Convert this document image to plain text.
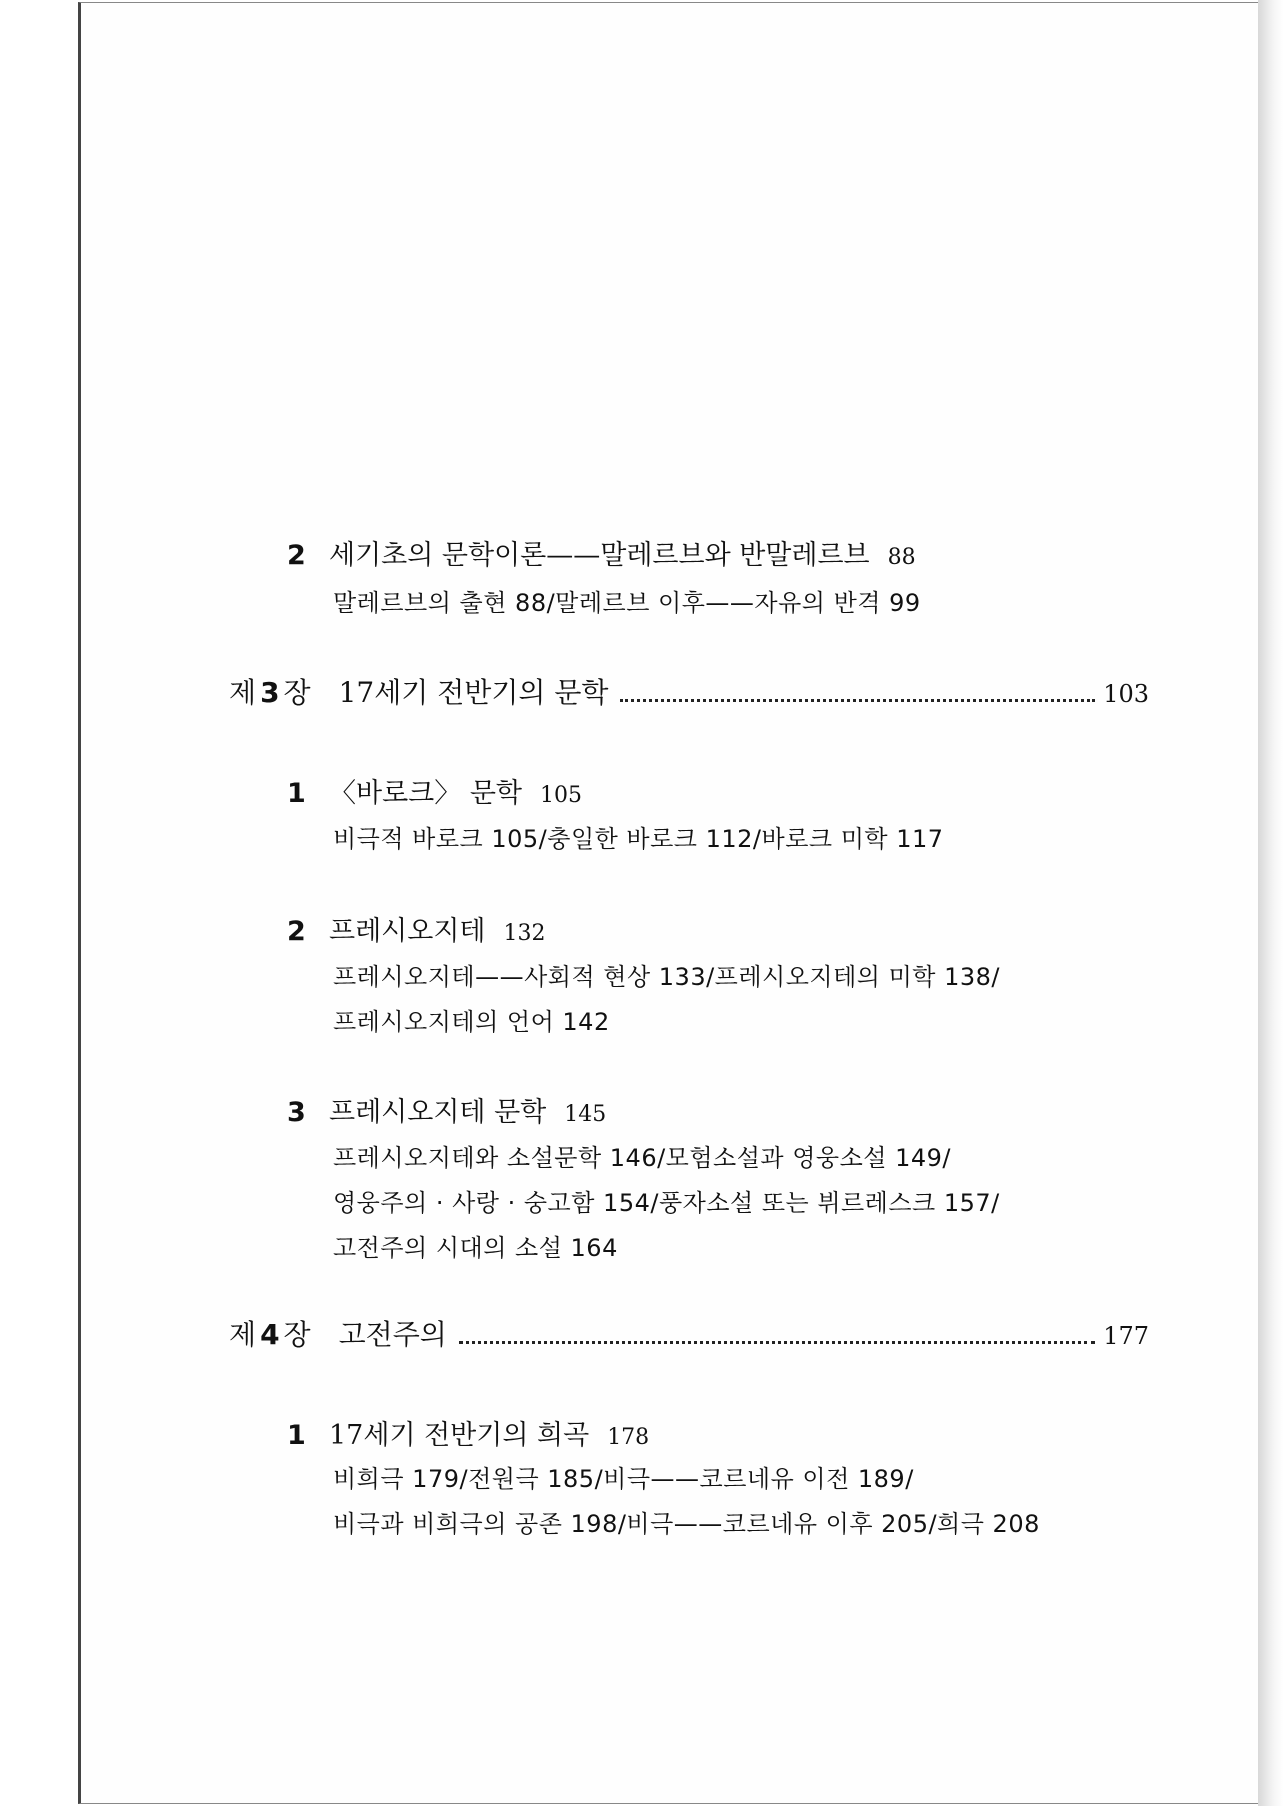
2 세기초의 문학이론——말레르브와 반말레르브 88
말레르브의 출현 88/말레르브 이후——자유의 반격 99
제 3 장 17세기 전반기의 문학	103
1 〈바로크〉 문학 105
비극적 바로크 105/충일한 바로크 112/바로크 미학 117
2 프레시오지테 132
프레시오지테——사회적 현상 133/프레시오지테의 미학 138/
프레시오지테의 언어 142
3 프레시오지테 문학 145
프레시오지테와 소설문학 146/모험소설과 영웅소설 149/
영웅주의 · 사랑 · 숭고함 154/풍자소설 또는 뷔르레스크 157/
고전주의 시대의 소설 164
제 4 장 고전주의	177
1 17세기 전반기의 희곡 178
비희극 179/전원극 185/비극——코르네유 이전 189/
비극과 비희극의 공존 198/비극——코르네유 이후 205/희극 208
